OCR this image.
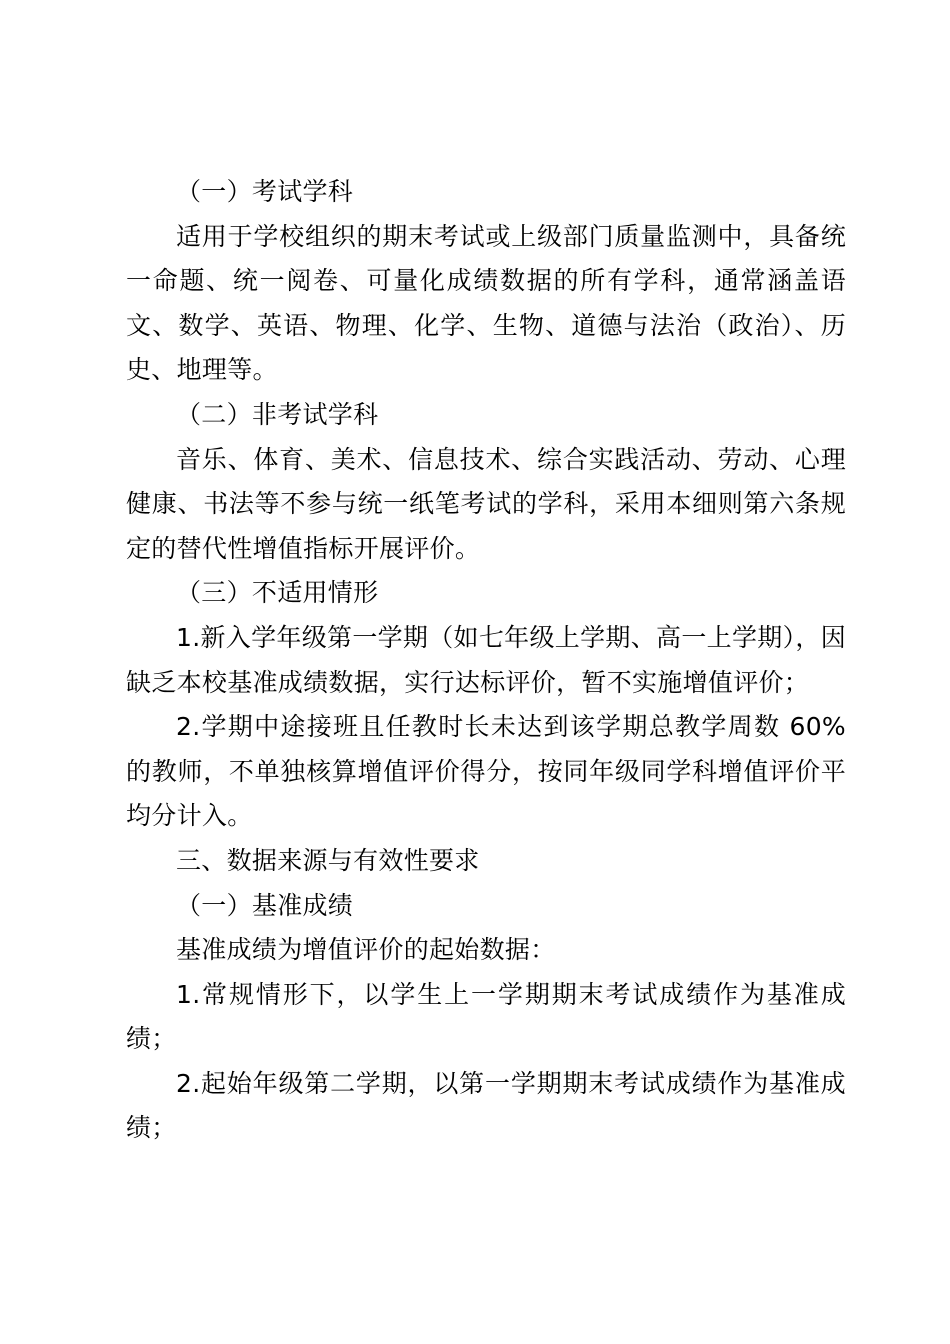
（一）考试学科

适用于学校组织的期末考试或上级部门质量监测中，具备统一命题、统一阅卷、可量化成绩数据的所有学科，通常涵盖语文、数学、英语、物理、化学、生物、道德与法治（政治）、历史、地理等。

（二）非考试学科

音乐、体育、美术、信息技术、综合实践活动、劳动、心理健康、书法等不参与统一纸笔考试的学科，采用本细则第六条规定的替代性增值指标开展评价。

（三）不适用情形

1.新入学年级第一学期（如七年级上学期、高一上学期），因缺乏本校基准成绩数据，实行达标评价，暂不实施增值评价；

2.学期中途接班且任教时长未达到该学期总教学周数 60%的教师，不单独核算增值评价得分，按同年级同学科增值评价平均分计入。

三、数据来源与有效性要求

（一）基准成绩

基准成绩为增值评价的起始数据：

1.常规情形下，以学生上一学期期末考试成绩作为基准成绩；

2.起始年级第二学期，以第一学期期末考试成绩作为基准成绩；
